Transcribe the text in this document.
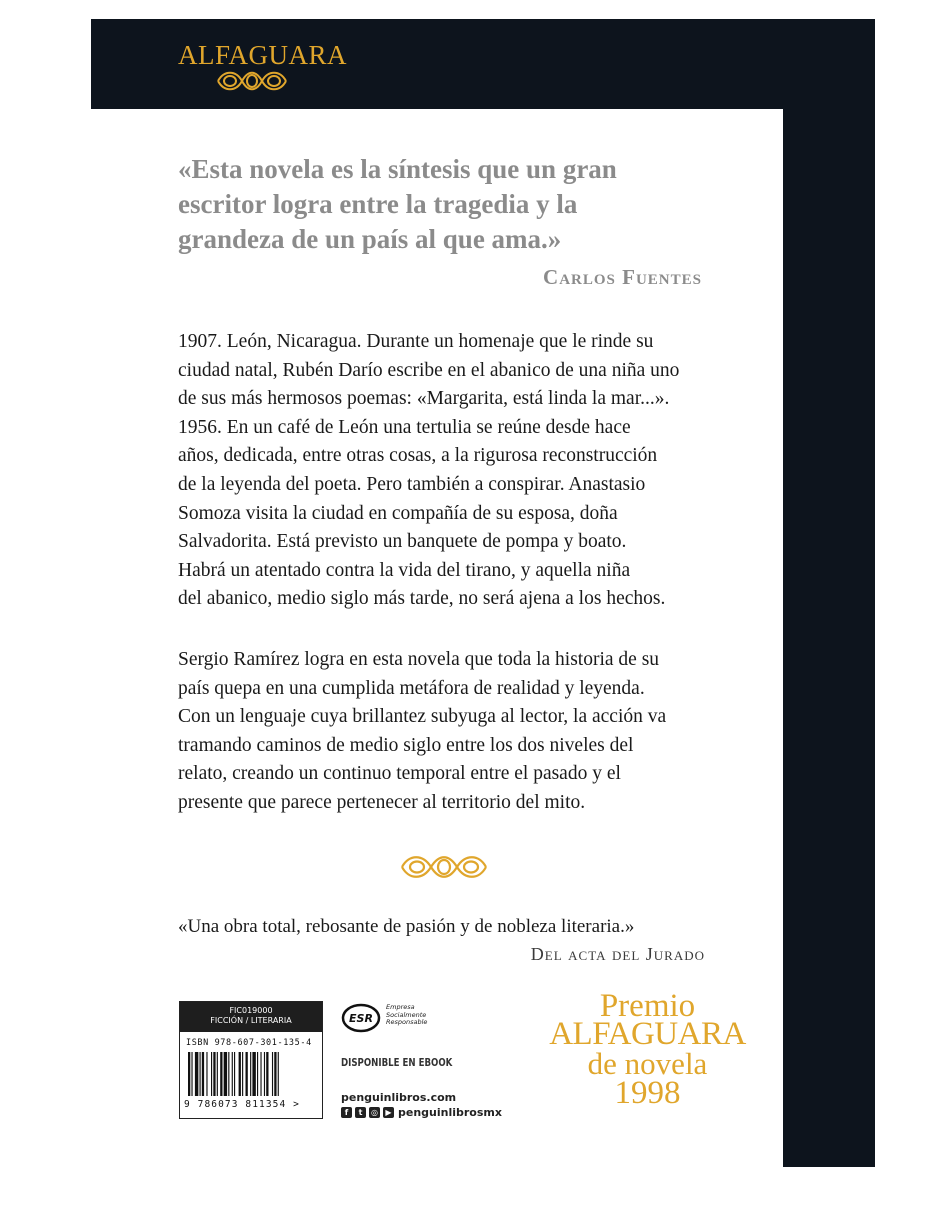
ALFAGUARA

«Esta novela es la síntesis que un gran
escritor logra entre la tragedia y la
grandeza de un país al que ama.»

Carlos Fuentes

1907. León, Nicaragua. Durante un homenaje que le rinde su
ciudad natal, Rubén Darío escribe en el abanico de una niña uno
de sus más hermosos poemas: «Margarita, está linda la mar...».
1956. En un café de León una tertulia se reúne desde hace
años, dedicada, entre otras cosas, a la rigurosa reconstrucción
de la leyenda del poeta. Pero también a conspirar. Anastasio
Somoza visita la ciudad en compañía de su esposa, doña
Salvadorita. Está previsto un banquete de pompa y boato.
Habrá un atentado contra la vida del tirano, y aquella niña
del abanico, medio siglo más tarde, no será ajena a los hechos.

Sergio Ramírez logra en esta novela que toda la historia de su
país quepa en una cumplida metáfora de realidad y leyenda.
Con un lenguaje cuya brillantez subyuga al lector, la acción va
tramando caminos de medio siglo entre los dos niveles del
relato, creando un continuo temporal entre el pasado y el
presente que parece pertenecer al territorio del mito.

«Una obra total, rebosante de pasión y de nobleza literaria.»

Del acta del Jurado
FIC019000
FICCIÓN / LITERARIA
ISBN 978-607-301-135-4
9 786073 811354 >
ESR
Empresa Socialmente Responsable
DISPONIBLE EN EBOOK
penguinlibros.com
f t ◎ ▶ penguinlibrosmx
Premio
ALFAGUARA
de novela
1998
